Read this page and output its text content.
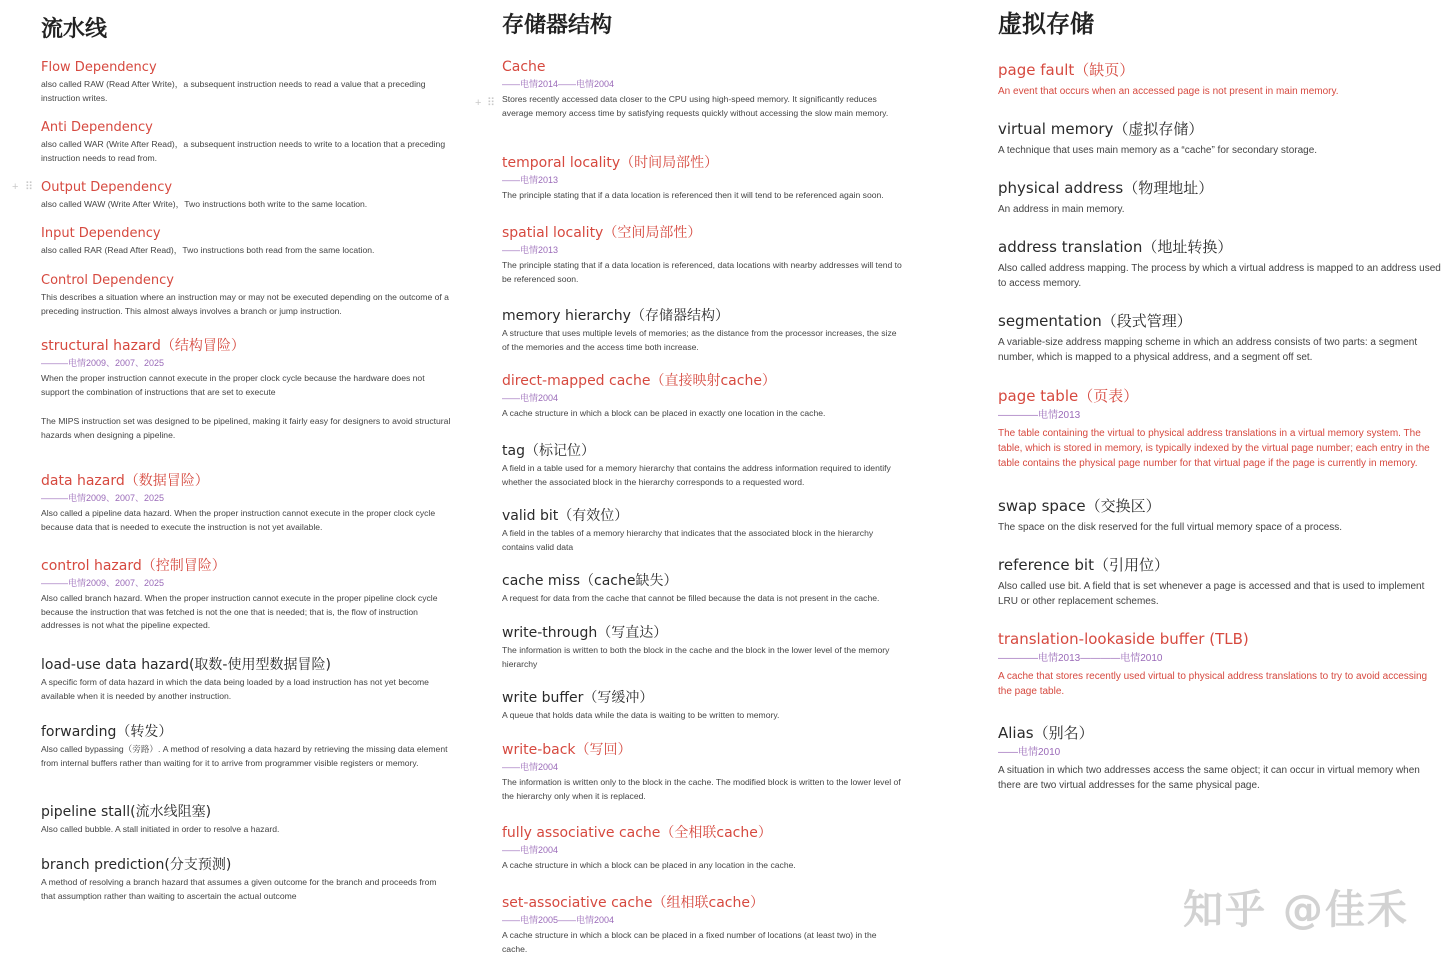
流水线

Flow Dependency

also called RAW (Read After Write)，a subsequent instruction needs to read a value that a preceding instruction writes.

Anti Dependency

also called WAR (Write After Read)，a subsequent instruction needs to write to a location that a preceding instruction needs to read from.

Output Dependency

also called WAW (Write After Write)，Two instructions both write to the same location.

Input Dependency

also called RAR (Read After Read)，Two instructions both read from the same location.

Control Dependency

This describes a situation where an instruction may or may not be executed depending on the outcome of a preceding instruction. This almost always involves a branch or jump instruction.

structural hazard（结构冒险）

———电情2009、2007、2025

When the proper instruction cannot execute in the proper clock cycle because the hardware does not support the combination of instructions that are set to execute

The MIPS instruction set was designed to be pipelined, making it fairly easy for designers to avoid structural hazards when designing a pipeline.

data hazard（数据冒险）

———电情2009、2007、2025

Also called a pipeline data hazard. When the proper instruction cannot execute in the proper clock cycle because data that is needed to execute the instruction is not yet available.

control hazard（控制冒险）

———电情2009、2007、2025

Also called branch hazard. When the proper instruction cannot execute in the proper pipeline clock cycle because the instruction that was fetched is not the one that is needed; that is, the flow of instruction addresses is not what the pipeline expected.

load-use data hazard(取数-使用型数据冒险)

A specific form of data hazard in which the data being loaded by a load instruction has not yet become available when it is needed by another instruction.

forwarding（转发）

Also called bypassing（旁路）. A method of resolving a data hazard by retrieving the missing data element from internal buffers rather than waiting for it to arrive from programmer visible registers or memory.

pipeline stall(流水线阻塞)

Also called bubble. A stall initiated in order to resolve a hazard.

branch prediction(分支预测)

A method of resolving a branch hazard that assumes a given outcome for the branch and proceeds from that assumption rather than waiting to ascertain the actual outcome

存储器结构

Cache

——电情2014——电情2004

Stores recently accessed data closer to the CPU using high-speed memory. It significantly reduces average memory access time by satisfying requests quickly without accessing the slow main memory.

temporal locality（时间局部性）

——电情2013

The principle stating that if a data location is referenced then it will tend to be referenced again soon.

spatial locality（空间局部性）

——电情2013

The principle stating that if a data location is referenced, data locations with nearby addresses will tend to be referenced soon.

memory hierarchy（存储器结构）

A structure that uses multiple levels of memories; as the distance from the processor increases, the size of the memories and the access time both increase.

direct-mapped cache（直接映射cache）

——电情2004

A cache structure in which a block can be placed in exactly one location in the cache.

tag（标记位）

A field in a table used for a memory hierarchy that contains the address information required to identify whether the associated block in the hierarchy corresponds to a requested word.

valid bit（有效位）

A field in the tables of a memory hierarchy that indicates that the associated block in the hierarchy contains valid data

cache miss（cache缺失）

A request for data from the cache that cannot be filled because the data is not present in the cache.

write-through（写直达）

The information is written to both the block in the cache and the block in the lower level of the memory hierarchy

write buffer（写缓冲）

A queue that holds data while the data is waiting to be written to memory.

write-back（写回）

——电情2004

The information is written only to the block in the cache. The modified block is written to the lower level of the hierarchy only when it is replaced.

fully associative cache（全相联cache）

——电情2004

A cache structure in which a block can be placed in any location in the cache.

set-associative cache（组相联cache）

——电情2005——电情2004

A cache structure in which a block can be placed in a fixed number of locations (at least two) in the cache.

虚拟存储

page fault（缺页）

An event that occurs when an accessed page is not present in main memory.

virtual memory（虚拟存储）

A technique that uses main memory as a “cache” for secondary storage.

physical address（物理地址）

An address in main memory.

address translation（地址转换）

Also called address mapping. The process by which a virtual address is mapped to an address used to access memory.

segmentation（段式管理）

A variable-size address mapping scheme in which an address consists of two parts: a segment number, which is mapped to a physical address, and a segment off set.

page table（页表）

————电情2013

The table containing the virtual to physical address translations in a virtual memory system. The table, which is stored in memory, is typically indexed by the virtual page number; each entry in the table contains the physical page number for that virtual page if the page is currently in memory.

swap space（交换区）

The space on the disk reserved for the full virtual memory space of a process.

reference bit（引用位）

Also called use bit. A field that is set whenever a page is accessed and that is used to implement LRU or other replacement schemes.

translation-lookaside buffer (TLB)

————电情2013————电情2010

A cache that stores recently used virtual to physical address translations to try to avoid accessing the page table.

Alias（别名）

——电情2010

A situation in which two addresses access the same object; it can occur in virtual memory when there are two virtual addresses for the same physical page.

+ ⠿
+ ⠿
知乎 @佳禾
